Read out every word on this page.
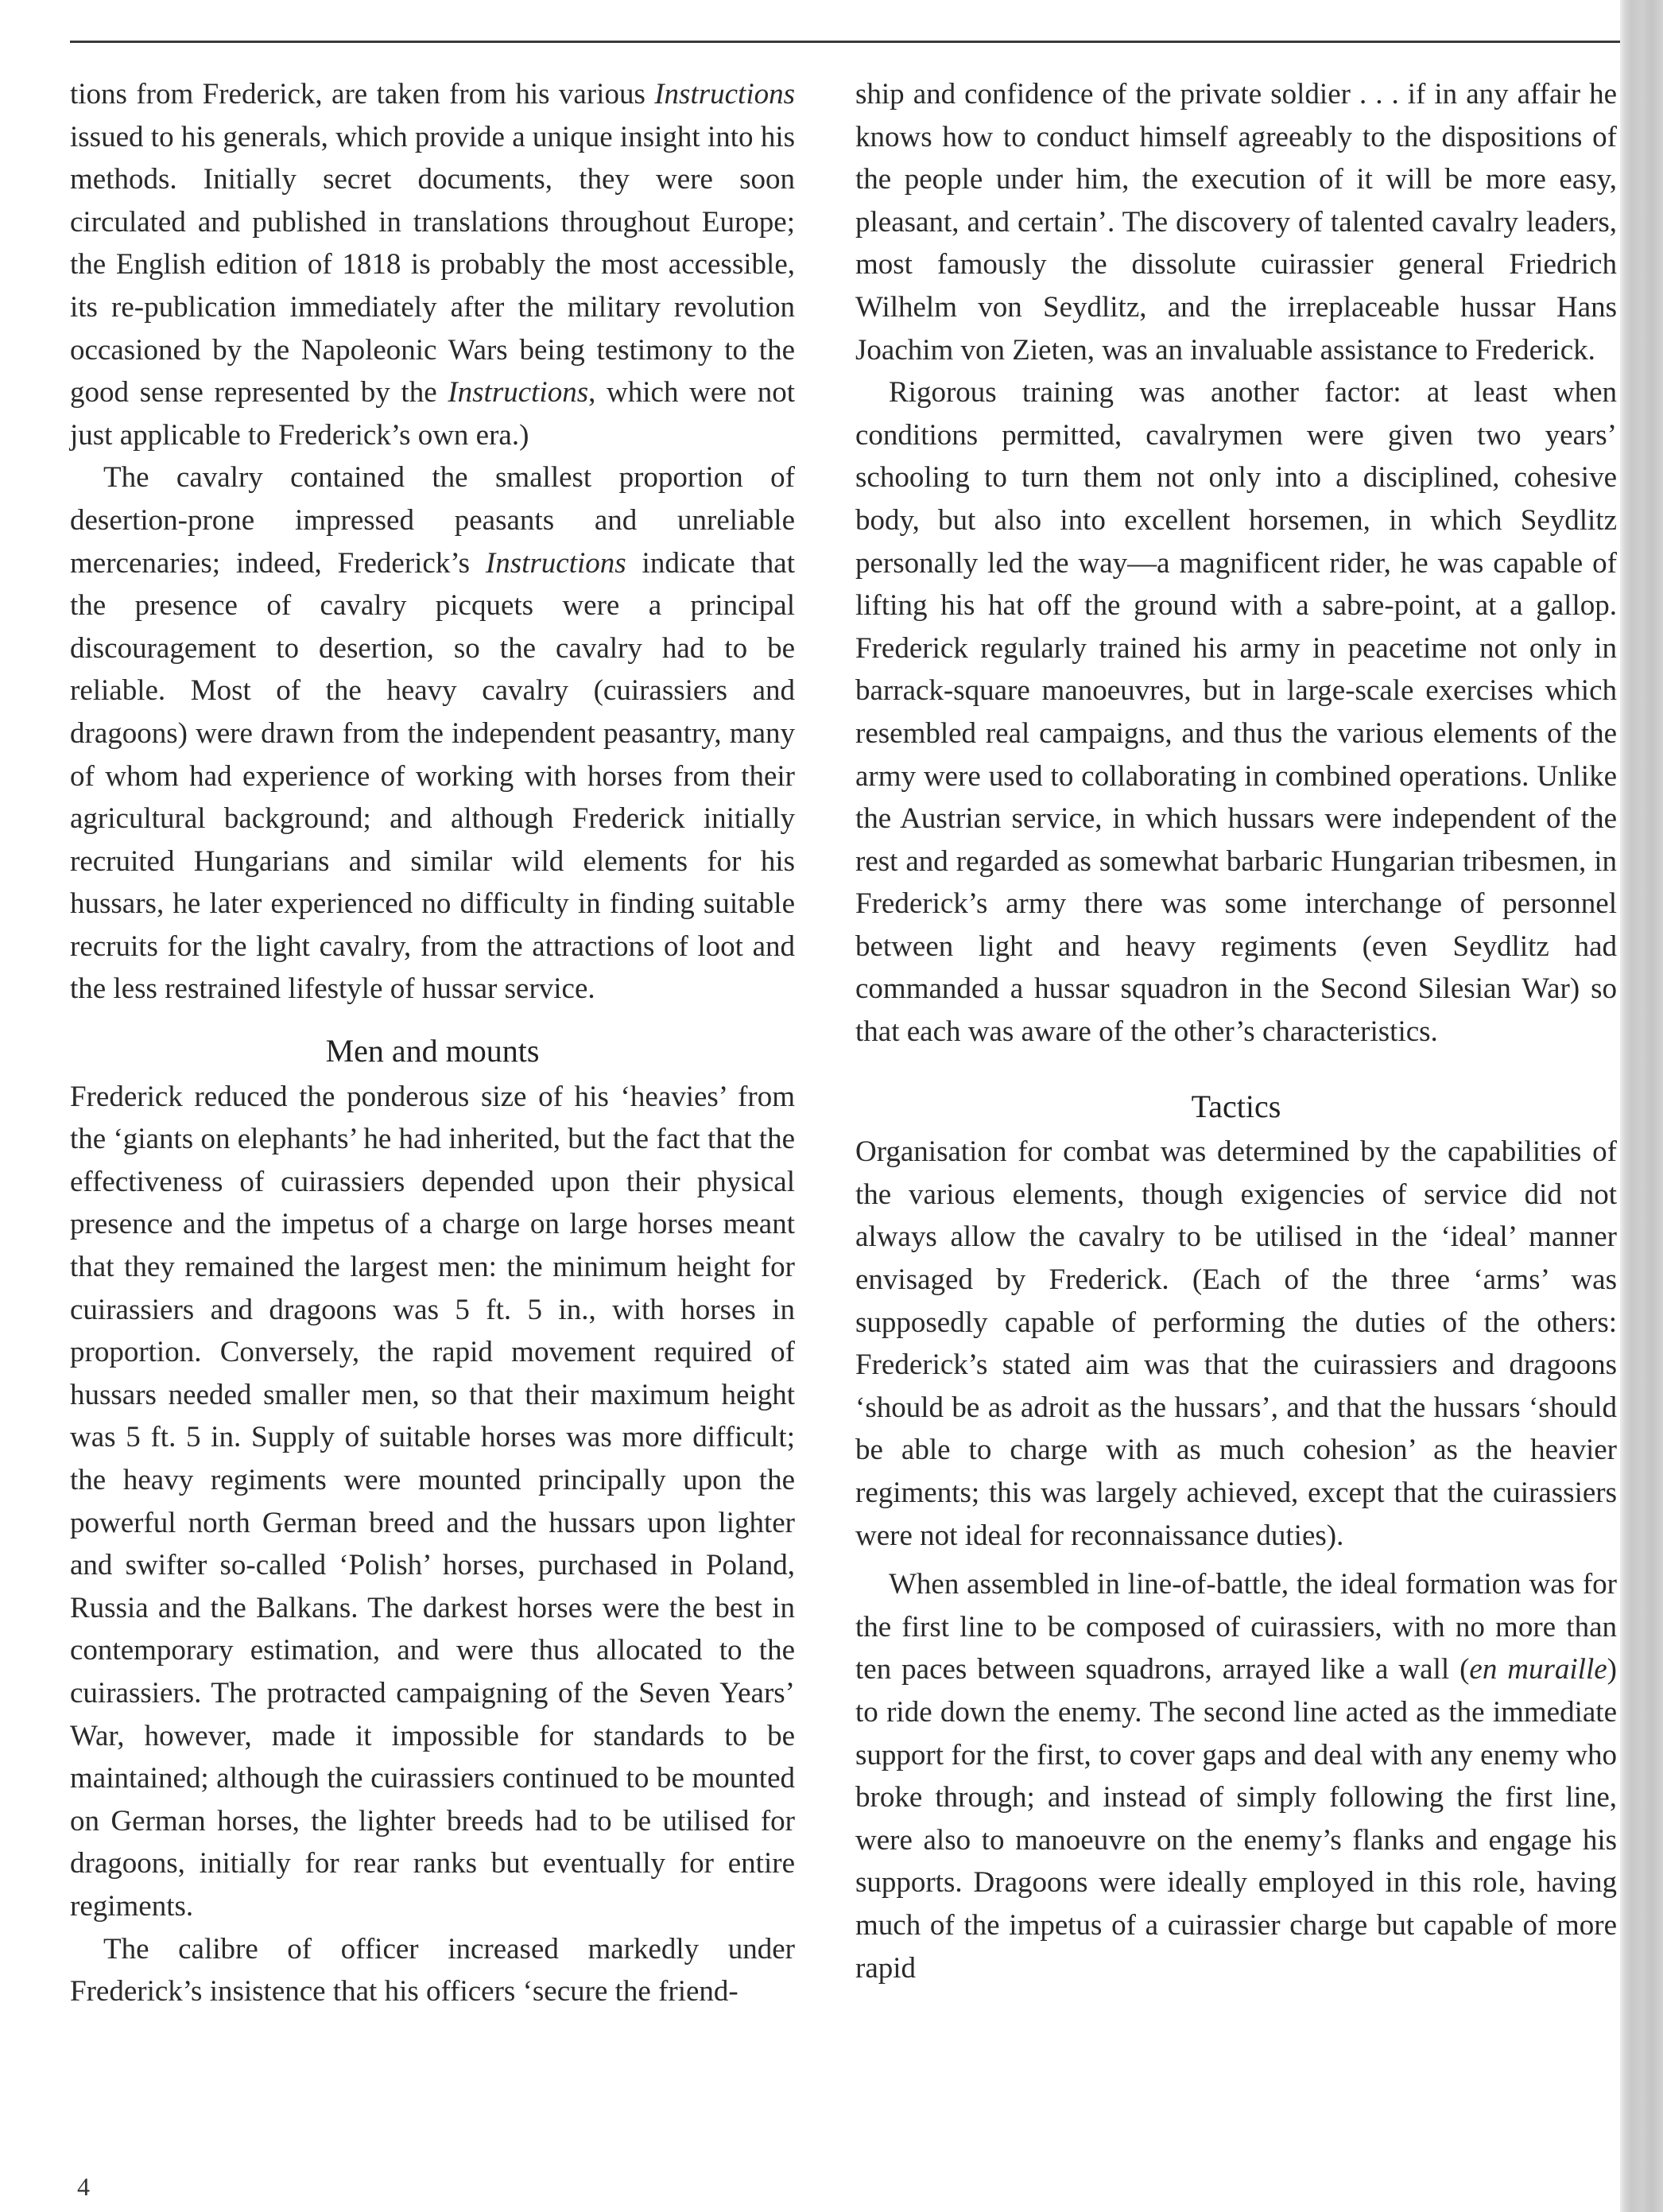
tions from Frederick, are taken from his various Instructions issued to his generals, which provide a unique insight into his methods. Initially secret documents, they were soon circulated and published in translations throughout Europe; the English edition of 1818 is probably the most accessible, its re-publication immediately after the military revolution occasioned by the Napoleonic Wars being testimony to the good sense represented by the Instructions, which were not just applicable to Frederick’s own era.)

The cavalry contained the smallest proportion of desertion-prone impressed peasants and unreliable mercenaries; indeed, Frederick’s Instructions indicate that the presence of cavalry picquets were a principal discouragement to desertion, so the cavalry had to be reliable. Most of the heavy cavalry (cuirassiers and dragoons) were drawn from the independent peasantry, many of whom had experience of working with horses from their agricultural background; and although Frederick initially recruited Hungarians and similar wild elements for his hussars, he later experienced no difficulty in finding suitable recruits for the light cavalry, from the attractions of loot and the less restrained lifestyle of hussar service.

Men and mounts

Frederick reduced the ponderous size of his ‘heavies’ from the ‘giants on elephants’ he had inherited, but the fact that the effectiveness of cuirassiers depended upon their physical presence and the impetus of a charge on large horses meant that they remained the largest men: the minimum height for cuirassiers and dragoons was 5 ft. 5 in., with horses in proportion. Conversely, the rapid movement required of hussars needed smaller men, so that their maximum height was 5 ft. 5 in. Supply of suitable horses was more difficult; the heavy regiments were mounted principally upon the powerful north German breed and the hussars upon lighter and swifter so-called ‘Polish’ horses, purchased in Poland, Russia and the Balkans. The darkest horses were the best in contemporary estimation, and were thus allocated to the cuirassiers. The protracted campaigning of the Seven Years’ War, however, made it impossible for standards to be maintained; although the cuirassiers continued to be mounted on German horses, the lighter breeds had to be utilised for dragoons, initially for rear ranks but eventually for entire regiments.

The calibre of officer increased markedly under Frederick’s insistence that his officers ‘secure the friend-

ship and confidence of the private soldier . . . if in any affair he knows how to conduct himself agreeably to the dispositions of the people under him, the execution of it will be more easy, pleasant, and certain’. The discovery of talented cavalry leaders, most famously the dissolute cuirassier general Friedrich Wilhelm von Seydlitz, and the irreplaceable hussar Hans Joachim von Zieten, was an invaluable assistance to Frederick.

Rigorous training was another factor: at least when conditions permitted, cavalrymen were given two years’ schooling to turn them not only into a disciplined, cohesive body, but also into excellent horsemen, in which Seydlitz personally led the way—a magnificent rider, he was capable of lifting his hat off the ground with a sabre-point, at a gallop. Frederick regularly trained his army in peacetime not only in barrack-square manoeuvres, but in large-scale exercises which resembled real campaigns, and thus the various elements of the army were used to collaborating in combined operations. Unlike the Austrian service, in which hussars were independent of the rest and regarded as somewhat barbaric Hungarian tribesmen, in Frederick’s army there was some interchange of personnel between light and heavy regiments (even Seydlitz had commanded a hussar squadron in the Second Silesian War) so that each was aware of the other’s characteristics.

Tactics

Organisation for combat was determined by the capabilities of the various elements, though exigencies of service did not always allow the cavalry to be utilised in the ‘ideal’ manner envisaged by Frederick. (Each of the three ‘arms’ was supposedly capable of performing the duties of the others: Frederick’s stated aim was that the cuirassiers and dragoons ‘should be as adroit as the hussars’, and that the hussars ‘should be able to charge with as much cohesion’ as the heavier regiments; this was largely achieved, except that the cuirassiers were not ideal for reconnaissance duties).

When assembled in line-of-battle, the ideal formation was for the first line to be composed of cuirassiers, with no more than ten paces between squadrons, arrayed like a wall (en muraille) to ride down the enemy. The second line acted as the immediate support for the first, to cover gaps and deal with any enemy who broke through; and instead of simply following the first line, were also to manoeuvre on the enemy’s flanks and engage his supports. Dragoons were ideally employed in this role, having much of the impetus of a cuirassier charge but capable of more rapid

4
